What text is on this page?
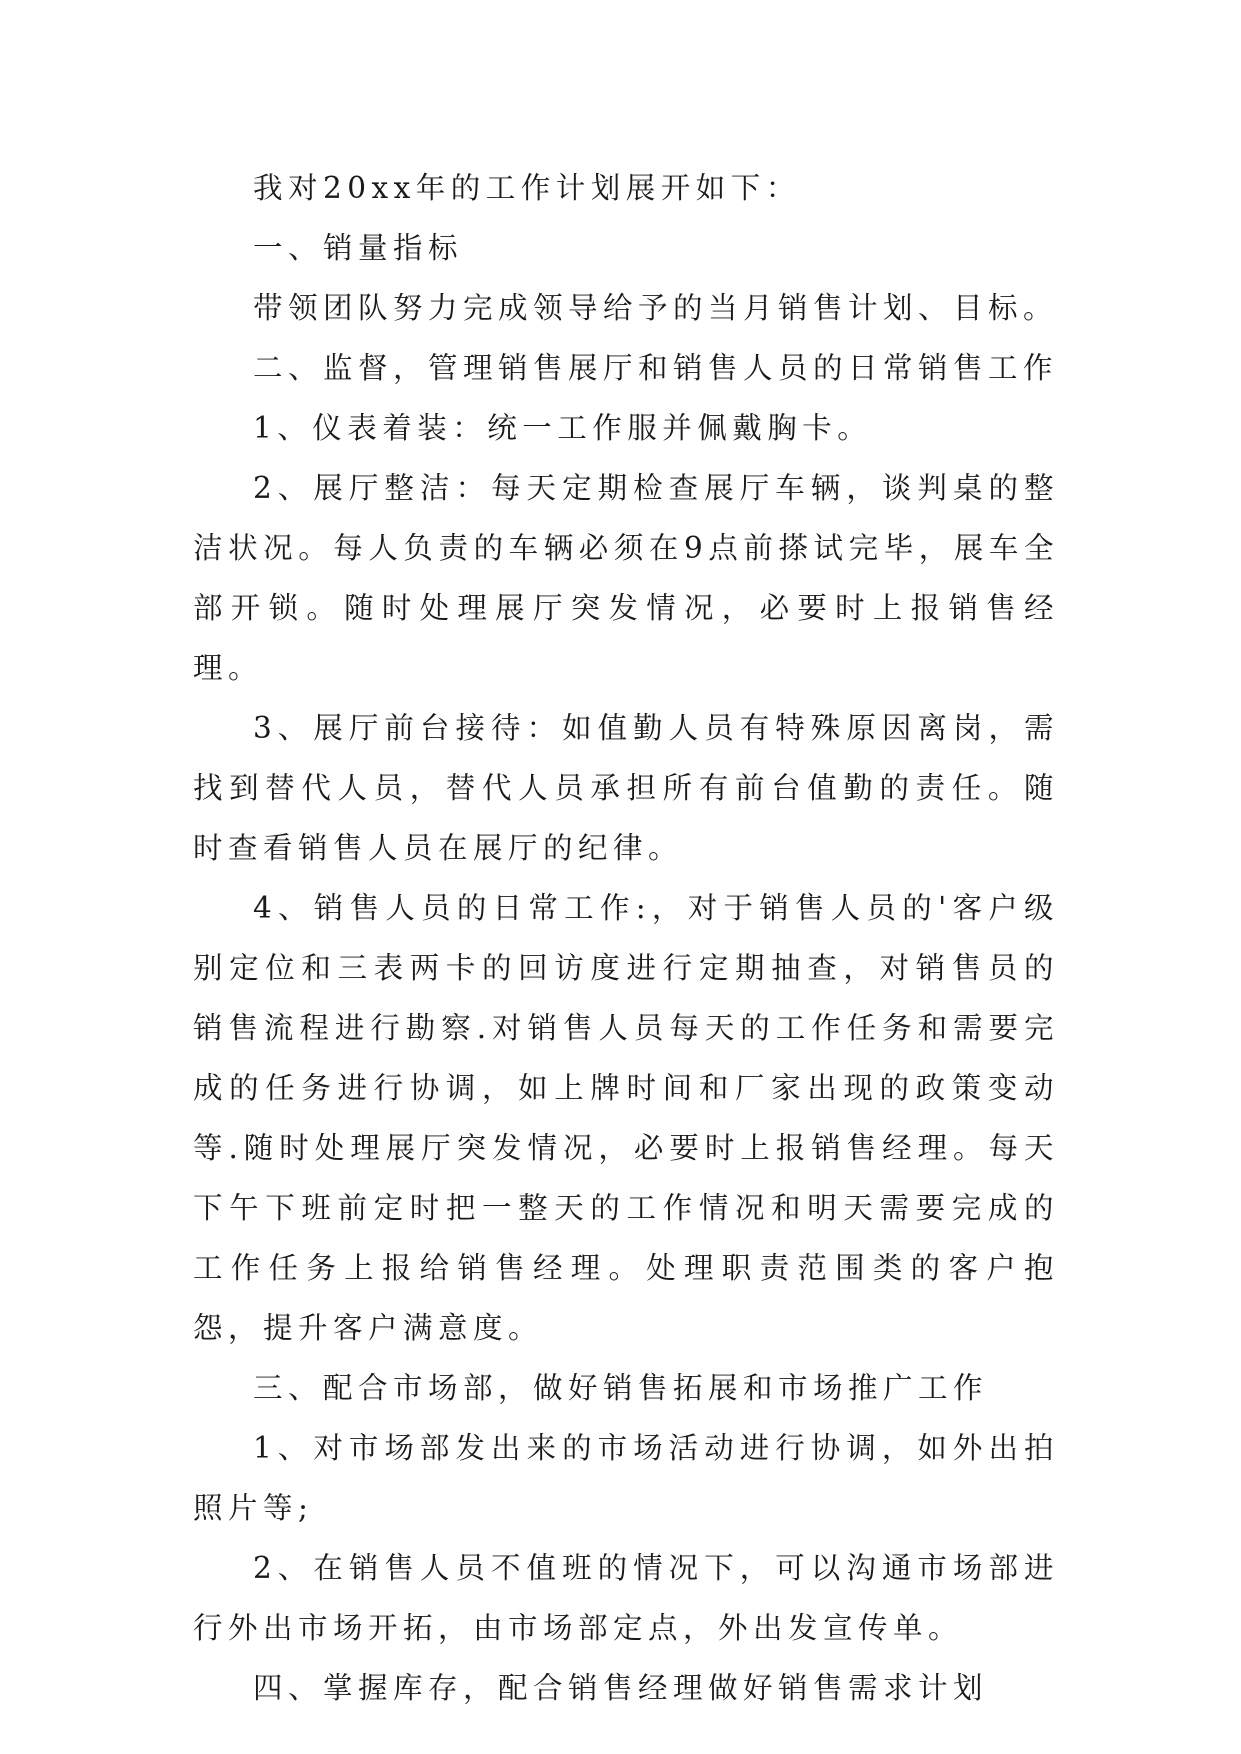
我对20xx年的工作计划展开如下：

一、销量指标

带领团队努力完成领导给予的当月销售计划、目标。

二、监督，管理销售展厅和销售人员的日常销售工作

1、仪表着装：统一工作服并佩戴胸卡。

2、展厅整洁：每天定期检查展厅车辆，谈判桌的整洁状况。每人负责的车辆必须在9点前搽试完毕，展车全部开锁。随时处理展厅突发情况，必要时上报销售经理。

3、展厅前台接待：如值勤人员有特殊原因离岗，需找到替代人员，替代人员承担所有前台值勤的责任。随时查看销售人员在展厅的纪律。

4、销售人员的日常工作:，对于销售人员的'客户级别定位和三表两卡的回访度进行定期抽查，对销售员的销售流程进行勘察.对销售人员每天的工作任务和需要完成的任务进行协调，如上牌时间和厂家出现的政策变动等.随时处理展厅突发情况，必要时上报销售经理。每天下午下班前定时把一整天的工作情况和明天需要完成的工作任务上报给销售经理。处理职责范围类的客户抱怨，提升客户满意度。

三、配合市场部，做好销售拓展和市场推广工作

1、对市场部发出来的市场活动进行协调，如外出拍照片等;

2、在销售人员不值班的情况下，可以沟通市场部进行外出市场开拓，由市场部定点，外出发宣传单。

四、掌握库存，配合销售经理做好销售需求计划
